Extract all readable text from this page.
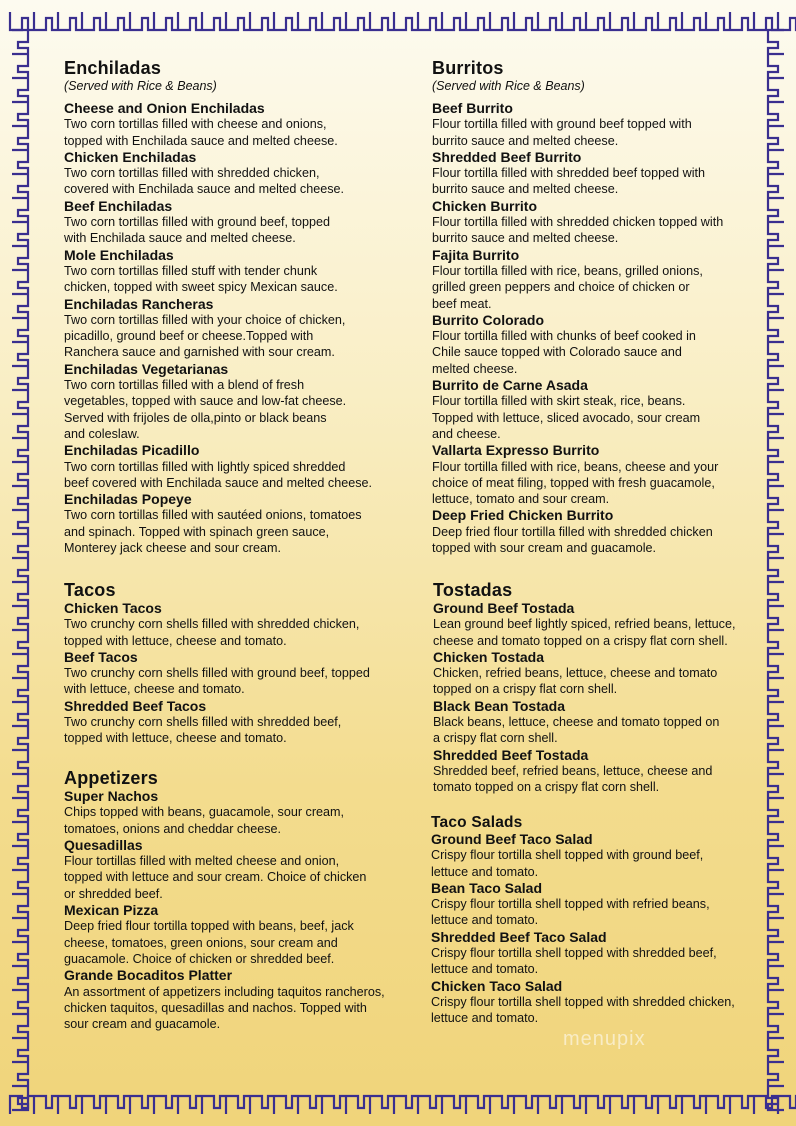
Enchiladas
(Served with Rice & Beans)
Cheese and Onion Enchiladas
Two corn tortillas filled with cheese and onions,
topped with Enchilada sauce and melted cheese.
Chicken Enchiladas
Two corn tortillas filled with shredded chicken,
covered with Enchilada sauce and melted cheese.
Beef Enchiladas
Two corn tortillas filled with ground beef, topped
with Enchilada sauce and melted cheese.
Mole Enchiladas
Two corn tortillas filled stuff with tender chunk
chicken, topped with sweet spicy Mexican sauce.
Enchiladas Rancheras
Two corn tortillas filled with your choice of chicken,
picadillo, ground beef or cheese.Topped with
Ranchera sauce and garnished with sour cream.
Enchiladas Vegetarianas
Two corn tortillas filled with a blend of fresh
vegetables, topped with sauce and low-fat cheese.
Served with frijoles de olla,pinto or black beans
and coleslaw.
Enchiladas Picadillo
Two corn tortillas filled with lightly spiced shredded
beef covered with Enchilada sauce and melted cheese.
Enchiladas Popeye
Two corn tortillas filled with sautéed onions, tomatoes
and spinach. Topped with spinach green sauce,
Monterey jack cheese and sour cream.
Tacos
Chicken Tacos
Two crunchy corn shells filled with shredded chicken,
topped with lettuce, cheese and tomato.
Beef Tacos
Two crunchy corn shells filled with ground beef, topped
with lettuce, cheese and tomato.
Shredded Beef Tacos
Two crunchy corn shells filled with shredded beef,
topped with lettuce, cheese and tomato.
Appetizers
Super Nachos
Chips topped with beans, guacamole, sour cream,
tomatoes, onions and cheddar cheese.
Quesadillas
Flour tortillas filled with melted cheese and onion,
topped with lettuce and sour cream. Choice of chicken
or shredded beef.
Mexican Pizza
Deep fried flour tortilla topped with beans, beef, jack
cheese, tomatoes, green onions, sour cream and
guacamole. Choice of chicken or shredded beef.
Grande Bocaditos Platter
An assortment of appetizers including taquitos rancheros,
chicken taquitos, quesadillas and nachos. Topped with
sour cream and guacamole.
Burritos
(Served with Rice & Beans)
Beef Burrito
Flour tortilla filled with ground beef topped with
burrito sauce and melted cheese.
Shredded Beef Burrito
Flour tortilla filled with shredded beef topped with
burrito sauce and melted cheese.
Chicken Burrito
Flour tortilla filled with shredded chicken topped with
burrito sauce and melted cheese.
Fajita Burrito
Flour tortilla filled with rice, beans, grilled onions,
grilled green peppers and choice of chicken or
beef meat.
Burrito Colorado
Flour tortilla filled with chunks of beef cooked in
Chile sauce topped with Colorado sauce and
melted cheese.
Burrito de Carne Asada
Flour tortilla filled with skirt steak, rice, beans.
Topped with lettuce, sliced avocado, sour cream
and cheese.
Vallarta Expresso Burrito
Flour tortilla filled with rice, beans, cheese and your
choice of meat filing, topped with fresh guacamole,
lettuce, tomato and sour cream.
Deep Fried Chicken Burrito
Deep fried flour tortilla filled with shredded chicken
topped with sour cream and guacamole.
Tostadas
Ground Beef Tostada
Lean ground beef lightly spiced, refried beans, lettuce,
cheese and tomato topped on a crispy flat corn shell.
Chicken Tostada
Chicken, refried beans, lettuce, cheese and tomato
topped on a crispy flat corn shell.
Black Bean Tostada
Black beans, lettuce, cheese and tomato topped on
a crispy flat corn shell.
Shredded Beef Tostada
Shredded beef, refried beans, lettuce, cheese and
tomato topped on a crispy flat corn shell.
Taco Salads
Ground Beef Taco Salad
Crispy flour tortilla shell topped with ground beef,
lettuce and tomato.
Bean Taco Salad
Crispy flour tortilla shell topped with refried beans,
lettuce and tomato.
Shredded Beef Taco Salad
Crispy flour tortilla shell topped with shredded beef,
lettuce and tomato.
Chicken Taco Salad
Crispy flour tortilla shell topped with shredded chicken,
lettuce and tomato.
menupix
